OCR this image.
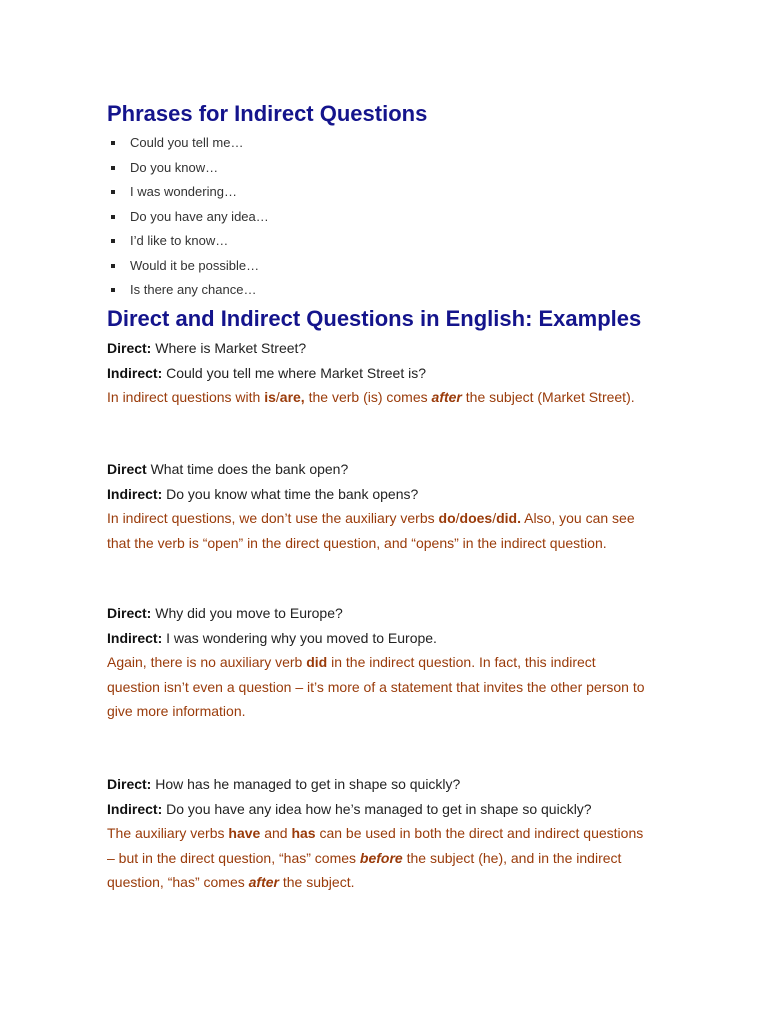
Phrases for Indirect Questions
Could you tell me…
Do you know…
I was wondering…
Do you have any idea…
I’d like to know…
Would it be possible…
Is there any chance…
Direct and Indirect Questions in English: Examples
Direct: Where is Market Street?
Indirect: Could you tell me where Market Street is?
In indirect questions with is/are, the verb (is) comes after the subject (Market Street).
Direct What time does the bank open?
Indirect: Do you know what time the bank opens?
In indirect questions, we don’t use the auxiliary verbs do/does/did. Also, you can see
that the verb is “open” in the direct question, and “opens” in the indirect question.
Direct: Why did you move to Europe?
Indirect: I was wondering why you moved to Europe.
Again, there is no auxiliary verb did in the indirect question. In fact, this indirect
question isn’t even a question – it’s more of a statement that invites the other person to
give more information.
Direct: How has he managed to get in shape so quickly?
Indirect: Do you have any idea how he’s managed to get in shape so quickly?
The auxiliary verbs have and has can be used in both the direct and indirect questions
– but in the direct question, “has” comes before the subject (he), and in the indirect
question, “has” comes after the subject.
